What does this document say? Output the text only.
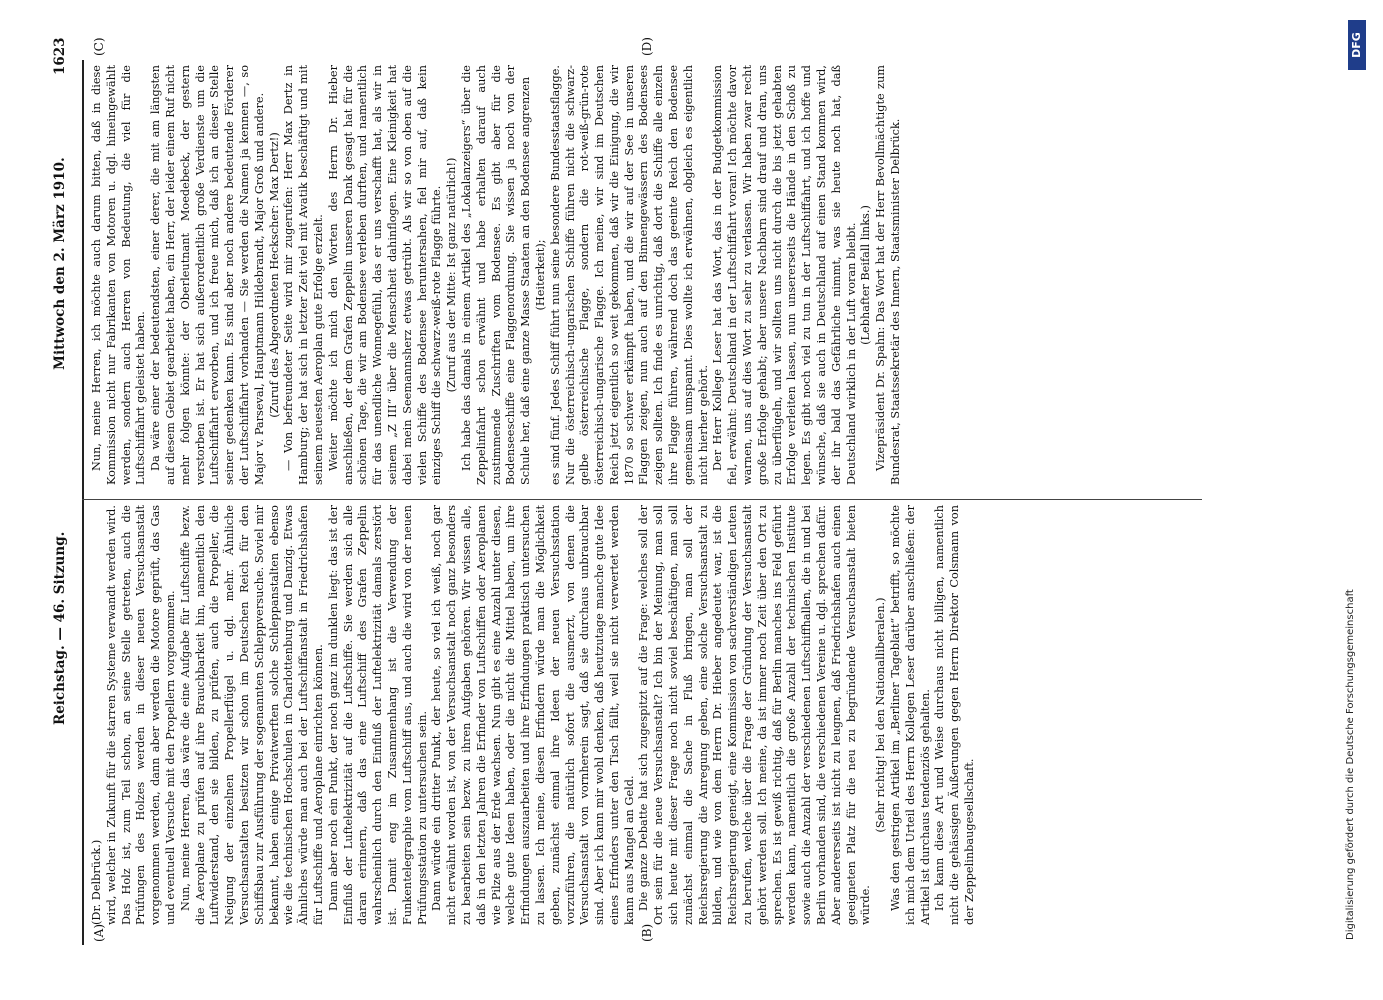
Reichstag. — 46. Sitzung.
Mittwoch den 2. März 1910.
1623
(A)	(B)
(C)	(D)

(Dr. Delbrück.) wird, welcher in Zukunft für die starren Systeme verwandt werden wird. Das Holz ist, zum Teil schon, an seine Stelle getreten, auch die Prüfungen des Holzes werden in dieser neuen Versuchsanstalt vorgenommen werden, dann aber werden die Motore geprüft, das Gas und eventuell Versuche mit den Propellern vorgenommen. Nun, meine Herren, das wäre die eine Aufgabe für Luftschiffe bezw. die Aeroplane zu prüfen auf ihre Brauchbarkeit hin, namentlich den Luftwiderstand, den sie bilden, zu prüfen, auch die Propeller, die Neigung der einzelnen Propellerflügel u. dgl. mehr. Ähnliche Versuchsanstalten besitzen wir schon im Deutschen Reich für den Schiffsbau zur Ausführung der sogenannten Schleppversuche. Soviel mir bekannt, haben einige Privatwerften solche Schleppanstalten ebenso wie die technischen Hochschulen in Charlottenburg und Danzig. Etwas Ähnliches würde man auch bei der Luftschiffanstalt in Friedrichshafen für Luftschiffe und Aeroplane einrichten können. Dann aber noch ein Punkt, der noch ganz im dunklen liegt: das ist der Einfluß der Luftelektrizität auf die Luftschiffe. Sie werden sich alle daran erinnern, daß das eine Luftschiff des Grafen Zeppelin wahrscheinlich durch den Einfluß der Luftelektrizität damals zerstört ist. Damit eng im Zusammenhang ist die Verwendung der Funkentelegraphie vom Luftschiff aus, und auch die wird von der neuen Prüfungsstation zu untersuchen sein. Dann würde ein dritter Punkt, der heute, so viel ich weiß, noch gar nicht erwähnt worden ist, von der Versuchsanstalt noch ganz besonders zu bearbeiten sein bezw. zu ihren Aufgaben gehören. Wir wissen alle, daß in den letzten Jahren die Erfinder von Luftschiffen oder Aeroplanen wie Pilze aus der Erde wachsen. Nun gibt es eine Anzahl unter diesen, welche gute Ideen haben, oder die nicht die Mittel haben, um ihre Erfindungen auszuarbeiten und ihre Erfindungen praktisch untersuchen zu lassen. Ich meine, diesen Erfindern würde man die Möglichkeit geben, zunächst einmal ihre Ideen der neuen Versuchsstation vorzuführen, die natürlich sofort die ausmerzt, von denen die Versuchsanstalt von vornherein sagt, daß sie durchaus unbrauchbar sind. Aber ich kann mir wohl denken, daß heutzutage manche gute Idee eines Erfinders unter den Tisch fällt, weil sie nicht verwertet werden kann aus Mangel an Geld. Die ganze Debatte hat sich zugespitzt auf die Frage: welches soll der Ort sein für die neue Versuchsanstalt? Ich bin der Meinung, man soll sich heute mit dieser Frage noch nicht soviel beschäftigen, man soll zunächst einmal die Sache in Fluß bringen, man soll der Reichsregierung die Anregung geben, eine solche Versuchsanstalt zu bilden, und wie von dem Herrn Dr. Hieber angedeutet war, ist die Reichsregierung geneigt, eine Kommission von sachverständigen Leuten zu berufen, welche über die Frage der Gründung der Versuchsanstalt gehört werden soll. Ich meine, da ist immer noch Zeit über den Ort zu sprechen. Es ist gewiß richtig, daß für Berlin manches ins Feld geführt werden kann, namentlich die große Anzahl der technischen Institute sowie auch die Anzahl der verschiedenen Luftschiffhallen, die in und bei Berlin vorhanden sind, die verschiedenen Vereine u. dgl. sprechen dafür. Aber andererseits ist nicht zu leugnen, daß Friedrichshafen auch einen geeigneten Platz für die neu zu begründende Versuchsanstalt bieten würde.

(Sehr richtig! bei den Nationalliberalen.) Was den gestrigen Artikel im „Berliner Tageblatt“ betrifft, so möchte ich mich dem Urteil des Herrn Kollegen Leser darüber anschließen: der Artikel ist durchaus tendenziös gehalten. Ich kann diese Art und Weise durchaus nicht billigen, namentlich nicht die gehässigen Äußerungen gegen Herrn Direktor Colsmann von der Zeppelinbaugesellschaft.

Nun, meine Herren, ich möchte auch darum bitten, daß in diese Kommission nicht nur Fabrikanten von Motoren u. dgl. hineingewählt werden, sondern auch Herren von Bedeutung, die viel für die Luftschiffahrt geleistet haben. Da wäre einer der bedeutendsten, einer derer, die mit am längsten auf diesem Gebiet gearbeitet haben, ein Herr, der leider einem Ruf nicht mehr folgen könnte: der Oberleutnant Moedebeck, der gestern verstorben ist. Er hat sich außerordentlich große Verdienste um die Luftschiffahrt erworben, und ich freue mich, daß ich an dieser Stelle seiner gedenken kann. Es sind aber noch andere bedeutende Förderer der Luftschiffahrt vorhanden — Sie werden die Namen ja kennen —, so Major v. Parseval, Hauptmann Hildebrandt, Major Groß und andere. (Zuruf des Abgeordneten Heckscher: Max Dertz!) — Von befreundeter Seite wird mir zugerufen: Herr Max Dertz in Hamburg; der hat sich in letzter Zeit viel mit Avatik beschäftigt und mit seinem neuesten Aeroplan gute Erfolge erzielt. Weiter möchte ich mich den Worten des Herrn Dr. Hieber anschließen, der dem Grafen Zeppelin unseren Dank gesagt hat für die schönen Tage, die wir am Bodensee verleben durften, und namentlich für das unendliche Wonnegefühl, das er uns verschafft hat, als wir in seinem „Z III“ über die Menschheit dahinflogen. Eine Kleinigkeit hat dabei mein Seemannsherz etwas getrübt. Als wir so von oben auf die vielen Schiffe des Bodensee heruntersahen, fiel mir auf, daß kein einziges Schiff die schwarz-weiß-rote Flagge führte. (Zuruf aus der Mitte: Ist ganz natürlich!) Ich habe das damals in einem Artikel des „Lokalanzeigers“ über die Zeppelinfahrt schon erwähnt und habe erhalten darauf auch zustimmende Zuschriften vom Bodensee. Es gibt aber für die Bodenseeschiffe eine Flaggenordnung. Sie wissen ja noch von der Schule her, daß eine ganze Masse Staaten an den Bodensee angrenzen (Heiterkeit); es sind fünf. Jedes Schiff führt nun seine besondere Bundesstaatsflagge. Nur die österreichisch-ungarischen Schiffe führen nicht die schwarz-gelbe österreichische Flagge, sondern die rot-weiß-grün-rote österreichisch-ungarische Flagge. Ich meine, wir sind im Deutschen Reich jetzt eigentlich so weit gekommen, daß wir die Einigung, die wir 1870 so schwer erkämpft haben, und die wir auf der See in unseren Flaggen zeigen, nun auch auf den Binnengewässern des Bodensees zeigen sollten. Ich finde es unrichtig, daß dort die Schiffe alle einzeln ihre Flagge führen, während doch das geeinte Reich den Bodensee gemeinsam umspannt. Dies wollte ich erwähnen, obgleich es eigentlich nicht hierher gehört. Der Herr Kollege Leser hat das Wort, das in der Budgetkommission fiel, erwähnt: Deutschland in der Luftschiffahrt voran! Ich möchte davor warnen, uns auf dies Wort zu sehr zu verlassen. Wir haben zwar recht große Erfolge gehabt; aber unsere Nachbarn sind drauf und dran, uns zu überflügeln, und wir sollten uns nicht durch die bis jetzt gehabten Erfolge verleiten lassen, nun unsererseits die Hände in den Schoß zu legen. Es gibt noch viel zu tun in der Luftschiffahrt, und ich hoffe und wünsche, daß sie auch in Deutschland auf einen Stand kommen wird, der ihr bald das Gefährliche nimmt, was sie heute noch hat, daß Deutschland wirklich in der Luft voran bleibt. (Lebhafter Beifall links.) Vizepräsident Dr. Spahn: Das Wort hat der Herr Bevollmächtigte zum Bundesrat, Staatssekretär des Innern, Staatsminister Delbrück.

Digitalisierung gefördert durch die Deutsche Forschungsgemeinschaft
DFG
